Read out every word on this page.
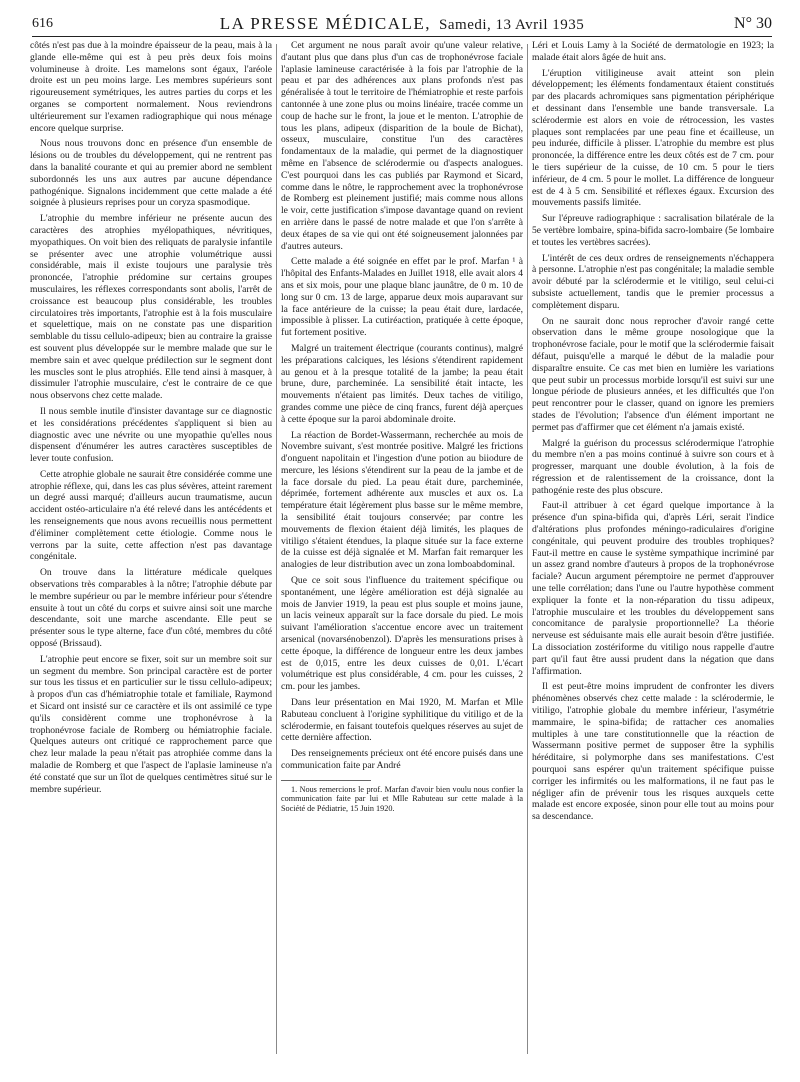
616	LA PRESSE MÉDICALE, Samedi, 13 Avril 1935	N° 30

côtés n'est pas due à la moindre épaisseur de la peau, mais à la glande elle-même qui est à peu près deux fois moins volumineuse à droite. Les mamelons sont égaux, l'aréole droite est un peu moins large. Les membres supérieurs sont rigoureusement symétriques, les autres parties du corps et les organes se comportent normalement. Nous reviendrons ultérieurement sur l'examen radiographique qui nous ménage encore quelque surprise.

Nous nous trouvons donc en présence d'un ensemble de lésions ou de troubles du développement, qui ne rentrent pas dans la banalité courante et qui au premier abord ne semblent subordonnés les uns aux autres par aucune dépendance pathogénique. Signalons incidemment que cette malade a été soignée à plusieurs reprises pour un coryza spasmodique.

L'atrophie du membre inférieur ne présente aucun des caractères des atrophies myélopathiques, névritiques, myopathiques. On voit bien des reliquats de paralysie infantile se présenter avec une atrophie volumétrique aussi considérable, mais il existe toujours une paralysie très prononcée, l'atrophie prédomine sur certains groupes musculaires, les réflexes correspondants sont abolis, l'arrêt de croissance est beaucoup plus considérable, les troubles circulatoires très importants, l'atrophie est à la fois musculaire et squelettique, mais on ne constate pas une disparition semblable du tissu cellulo-adipeux; bien au contraire la graisse est souvent plus développée sur le membre malade que sur le membre sain et avec quelque prédilection sur le segment dont les muscles sont le plus atrophiés. Elle tend ainsi à masquer, à dissimuler l'atrophie musculaire, c'est le contraire de ce que nous observons chez cette malade.

Il nous semble inutile d'insister davantage sur ce diagnostic et les considérations précédentes s'appliquent si bien au diagnostic avec une névrite ou une myopathie qu'elles nous dispensent d'énumérer les autres caractères susceptibles de lever toute confusion.

Cette atrophie globale ne saurait être considérée comme une atrophie réflexe, qui, dans les cas plus sévères, atteint rarement un degré aussi marqué; d'ailleurs aucun traumatisme, aucun accident ostéo-articulaire n'a été relevé dans les antécédents et les renseignements que nous avons recueillis nous permettent d'éliminer complètement cette étiologie. Comme nous le verrons par la suite, cette affection n'est pas davantage congénitale.

On trouve dans la littérature médicale quelques observations très comparables à la nôtre; l'atrophie débute par le membre supérieur ou par le membre inférieur pour s'étendre ensuite à tout un côté du corps et suivre ainsi soit une marche descendante, soit une marche ascendante. Elle peut se présenter sous le type alterne, face d'un côté, membres du côté opposé (Brissaud).

L'atrophie peut encore se fixer, soit sur un membre soit sur un segment du membre. Son principal caractère est de porter sur tous les tissus et en particulier sur le tissu cellulo-adipeux; à propos d'un cas d'hémiatrophie totale et familiale, Raymond et Sicard ont insisté sur ce caractère et ils ont assimilé ce type qu'ils considèrent comme une trophonévrose à la trophonévrose faciale de Romberg ou hémiatrophie faciale. Quelques auteurs ont critiqué ce rapprochement parce que chez leur malade la peau n'était pas atrophiée comme dans la maladie de Romberg et que l'aspect de l'aplasie lamineuse n'a été constaté que sur un îlot de quelques centimètres situé sur le membre supérieur.

Cet argument ne nous paraît avoir qu'une valeur relative, d'autant plus que dans plus d'un cas de trophonévrose faciale l'aplasie lamineuse caractérisée à la fois par l'atrophie de la peau et par des adhérences aux plans profonds n'est pas généralisée à tout le territoire de l'hémiatrophie et reste parfois cantonnée à une zone plus ou moins linéaire, tracée comme un coup de hache sur le front, la joue et le menton. L'atrophie de tous les plans, adipeux (disparition de la boule de Bichat), osseux, musculaire, constitue l'un des caractères fondamentaux de la maladie, qui permet de la diagnostiquer même en l'absence de sclérodermie ou d'aspects analogues. C'est pourquoi dans les cas publiés par Raymond et Sicard, comme dans le nôtre, le rapprochement avec la trophonévrose de Romberg est pleinement justifié; mais comme nous allons le voir, cette justification s'impose davantage quand on revient en arrière dans le passé de notre malade et que l'on s'arrête à deux étapes de sa vie qui ont été soigneusement jalonnées par d'autres auteurs.

Cette malade a été soignée en effet par le prof. Marfan ¹ à l'hôpital des Enfants-Malades en Juillet 1918, elle avait alors 4 ans et six mois, pour une plaque blanc jaunâtre, de 0 m. 10 de long sur 0 cm. 13 de large, apparue deux mois auparavant sur la face antérieure de la cuisse; la peau était dure, lardacée, impossible à plisser. La cutiréaction, pratiquée à cette époque, fut fortement positive.

Malgré un traitement électrique (courants continus), malgré les préparations calciques, les lésions s'étendirent rapidement au genou et à la presque totalité de la jambe; la peau était brune, dure, parcheminée. La sensibilité était intacte, les mouvements n'étaient pas limités. Deux taches de vitiligo, grandes comme une pièce de cinq francs, furent déjà aperçues à cette époque sur la paroi abdominale droite.

La réaction de Bordet-Wassermann, recherchée au mois de Novembre suivant, s'est montrée positive. Malgré les frictions d'onguent napolitain et l'ingestion d'une potion au biiodure de mercure, les lésions s'étendirent sur la peau de la jambe et de la face dorsale du pied. La peau était dure, parcheminée, déprimée, fortement adhérente aux muscles et aux os. La température était légèrement plus basse sur le même membre, la sensibilité était toujours conservée; par contre les mouvements de flexion étaient déjà limités, les plaques de vitiligo s'étaient étendues, la plaque située sur la face externe de la cuisse est déjà signalée et M. Marfan fait remarquer les analogies de leur distribution avec un zona lomboabdominal.

Que ce soit sous l'influence du traitement spécifique ou spontanément, une légère amélioration est déjà signalée au mois de Janvier 1919, la peau est plus souple et moins jaune, un lacis veineux apparaît sur la face dorsale du pied. Le mois suivant l'amélioration s'accentue encore avec un traitement arsenical (novarsénobenzol). D'après les mensurations prises à cette époque, la différence de longueur entre les deux jambes est de 0,015, entre les deux cuisses de 0,01. L'écart volumétrique est plus considérable, 4 cm. pour les cuisses, 2 cm. pour les jambes.

Dans leur présentation en Mai 1920, M. Marfan et Mlle Rabuteau concluent à l'origine syphilitique du vitiligo et de la sclérodermie, en faisant toutefois quelques réserves au sujet de cette dernière affection.

Des renseignements précieux ont été encore puisés dans une communication faite par André

1. Nous remercions le prof. Marfan d'avoir bien voulu nous confier la communication faite par lui et Mlle Rabuteau sur cette malade à la Société de Pédiatrie, 15 Juin 1920.

Léri et Louis Lamy à la Société de dermatologie en 1923; la malade était alors âgée de huit ans.

L'éruption vitiligineuse avait atteint son plein développement; les éléments fondamentaux étaient constitués par des placards achromiques sans pigmentation périphérique et dessinant dans l'ensemble une bande transversale. La sclérodermie est alors en voie de rétrocession, les vastes plaques sont remplacées par une peau fine et écailleuse, un peu indurée, difficile à plisser. L'atrophie du membre est plus prononcée, la différence entre les deux côtés est de 7 cm. pour le tiers supérieur de la cuisse, de 10 cm. 5 pour le tiers inférieur, de 4 cm. 5 pour le mollet. La différence de longueur est de 4 à 5 cm. Sensibilité et réflexes égaux. Excursion des mouvements passifs limitée.

Sur l'épreuve radiographique : sacralisation bilatérale de la 5e vertèbre lombaire, spina-bifida sacro-lombaire (5e lombaire et toutes les vertèbres sacrées).

L'intérêt de ces deux ordres de renseignements n'échappera à personne. L'atrophie n'est pas congénitale; la maladie semble avoir débuté par la sclérodermie et le vitiligo, seul celui-ci subsiste actuellement, tandis que le premier processus a complètement disparu.

On ne saurait donc nous reprocher d'avoir rangé cette observation dans le même groupe nosologique que la trophonévrose faciale, pour le motif que la sclérodermie faisait défaut, puisqu'elle a marqué le début de la maladie pour disparaître ensuite. Ce cas met bien en lumière les variations que peut subir un processus morbide lorsqu'il est suivi sur une longue période de plusieurs années, et les difficultés que l'on peut rencontrer pour le classer, quand on ignore les premiers stades de l'évolution; l'absence d'un élément important ne permet pas d'affirmer que cet élément n'a jamais existé.

Malgré la guérison du processus sclérodermique l'atrophie du membre n'en a pas moins continué à suivre son cours et à progresser, marquant une double évolution, à la fois de régression et de ralentissement de la croissance, dont la pathogénie reste des plus obscure.

Faut-il attribuer à cet égard quelque importance à la présence d'un spina-bifida qui, d'après Léri, serait l'indice d'altérations plus profondes méningo-radiculaires d'origine congénitale, qui peuvent produire des troubles trophiques? Faut-il mettre en cause le système sympathique incriminé par un assez grand nombre d'auteurs à propos de la trophonévrose faciale? Aucun argument péremptoire ne permet d'approuver une telle corrélation; dans l'une ou l'autre hypothèse comment expliquer la fonte et la non-réparation du tissu adipeux, l'atrophie musculaire et les troubles du développement sans concomitance de paralysie proportionnelle? La théorie nerveuse est séduisante mais elle aurait besoin d'être justifiée. La dissociation zostériforme du vitiligo nous rappelle d'autre part qu'il faut être aussi prudent dans la négation que dans l'affirmation.

Il est peut-être moins imprudent de confronter les divers phénomènes observés chez cette malade : la sclérodermie, le vitiligo, l'atrophie globale du membre inférieur, l'asymétrie mammaire, le spina-bifida; de rattacher ces anomalies multiples à une tare constitutionnelle que la réaction de Wassermann positive permet de supposer être la syphilis héréditaire, si polymorphe dans ses manifestations. C'est pourquoi sans espérer qu'un traitement spécifique puisse corriger les infirmités ou les malformations, il ne faut pas le négliger afin de prévenir tous les risques auxquels cette malade est encore exposée, sinon pour elle tout au moins pour sa descendance.
